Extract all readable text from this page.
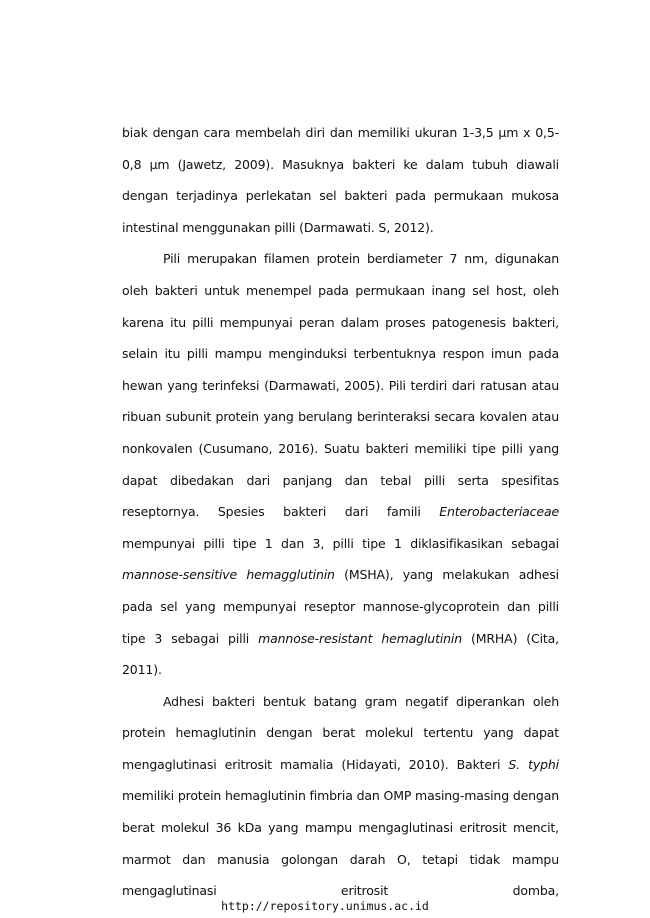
biak dengan cara membelah diri dan memiliki ukuran 1-3,5 µm x 0,5-0,8 µm (Jawetz, 2009). Masuknya bakteri ke dalam tubuh diawali dengan terjadinya perlekatan sel bakteri pada permukaan mukosa intestinal menggunakan pilli (Darmawati. S, 2012).

Pili merupakan filamen protein berdiameter 7 nm, digunakan oleh bakteri untuk menempel pada permukaan inang sel host, oleh karena itu pilli mempunyai peran dalam proses patogenesis bakteri, selain itu pilli mampu menginduksi terbentuknya respon imun pada hewan yang terinfeksi (Darmawati, 2005). Pili terdiri dari ratusan atau ribuan subunit protein yang berulang berinteraksi secara kovalen atau nonkovalen (Cusumano, 2016). Suatu bakteri memiliki tipe pilli yang dapat dibedakan dari panjang dan tebal pilli serta spesifitas reseptornya. Spesies bakteri dari famili Enterobacteriaceae mempunyai pilli tipe 1 dan 3, pilli tipe 1 diklasifikasikan sebagai mannose-sensitive hemagglutinin (MSHA), yang melakukan adhesi pada sel yang mempunyai reseptor mannose-glycoprotein dan pilli tipe 3 sebagai pilli mannose-resistant hemaglutinin (MRHA) (Cita, 2011).

Adhesi bakteri bentuk batang gram negatif diperankan oleh protein hemaglutinin dengan berat molekul tertentu yang dapat mengaglutinasi eritrosit mamalia (Hidayati, 2010). Bakteri S. typhi memiliki protein hemaglutinin fimbria dan OMP masing-masing dengan berat molekul 36 kDa yang mampu mengaglutinasi eritrosit mencit, marmot dan manusia golongan darah O, tetapi tidak mampu mengaglutinasi eritrosit domba,

http://repository.unimus.ac.id
